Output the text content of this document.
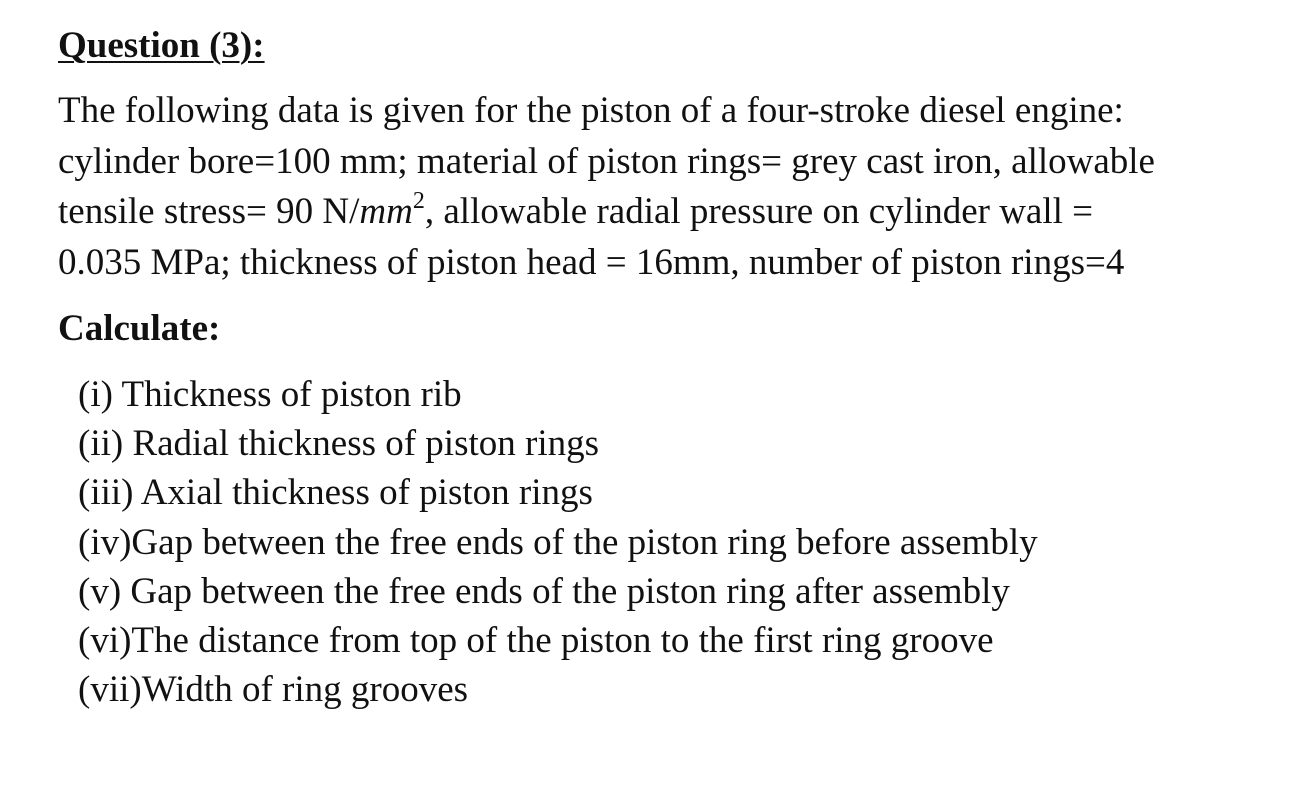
Question (3):
The following data is given for the piston of a four-stroke diesel engine:
cylinder bore=100 mm; material of piston rings= grey cast iron, allowable
tensile stress= 90 $N/mm^2$, allowable radial pressure on cylinder wall =
0.035 MPa; thickness of piston head = 16mm, number of piston rings=4
Calculate:
(i) Thickness of piston rib
(ii) Radial thickness of piston rings
(iii) Axial thickness of piston rings
(iv)Gap between the free ends of the piston ring before assembly
(v) Gap between the free ends of the piston ring after assembly
(vi)The distance from top of the piston to the first ring groove
(vii)Width of ring grooves
